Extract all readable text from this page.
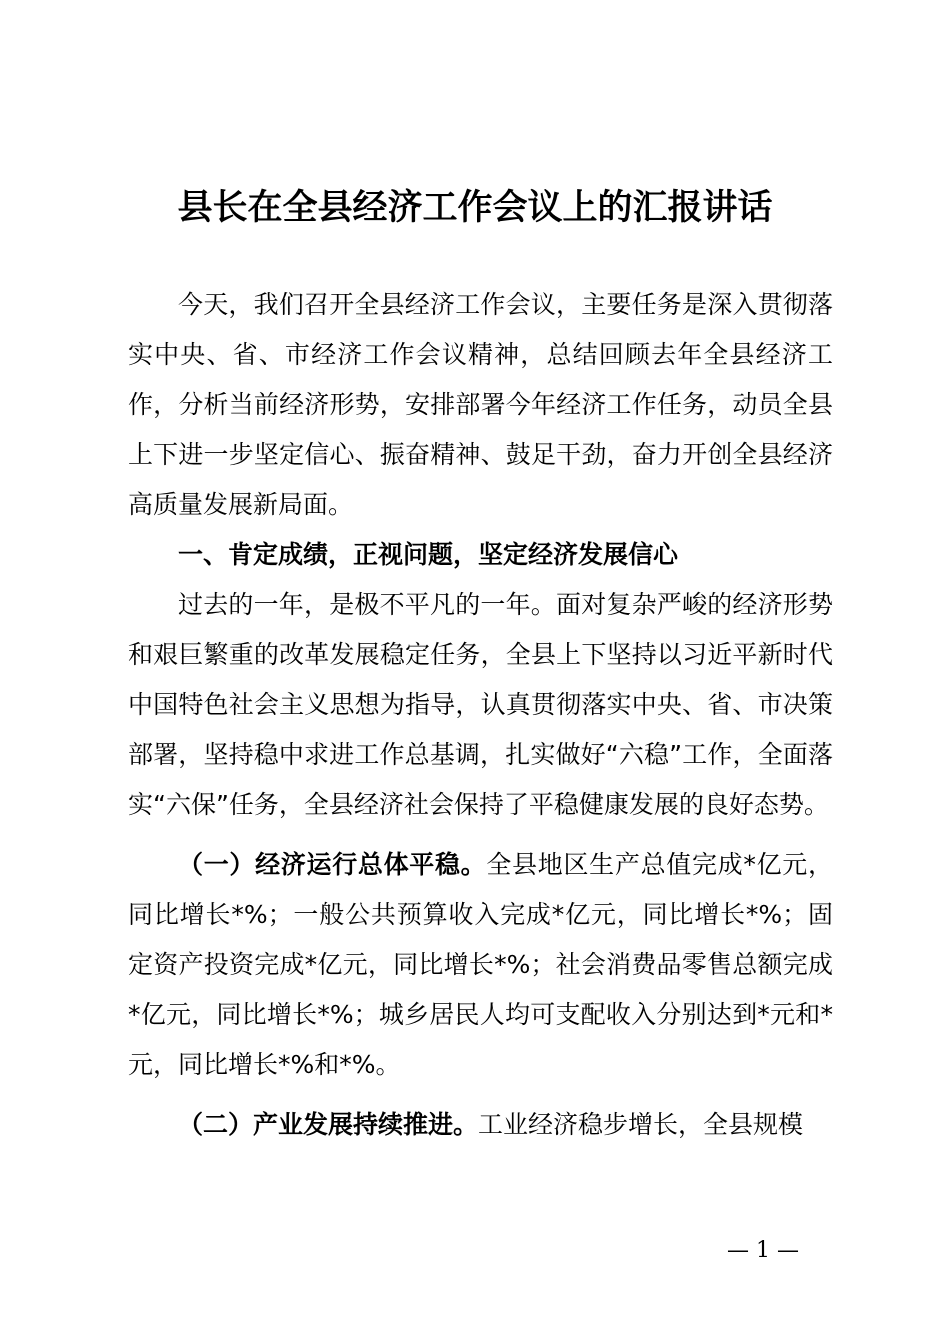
县长在全县经济工作会议上的汇报讲话

今天，我们召开全县经济工作会议，主要任务是深入贯彻落实中央、省、市经济工作会议精神，总结回顾去年全县经济工作，分析当前经济形势，安排部署今年经济工作任务，动员全县上下进一步坚定信心、振奋精神、鼓足干劲，奋力开创全县经济高质量发展新局面。

一、肯定成绩，正视问题，坚定经济发展信心

过去的一年，是极不平凡的一年。面对复杂严峻的经济形势和艰巨繁重的改革发展稳定任务，全县上下坚持以习近平新时代中国特色社会主义思想为指导，认真贯彻落实中央、省、市决策部署，坚持稳中求进工作总基调，扎实做好“六稳”工作，全面落实“六保”任务，全县经济社会保持了平稳健康发展的良好态势。

（一）经济运行总体平稳。全县地区生产总值完成*亿元，同比增长*%；一般公共预算收入完成*亿元，同比增长*%；固定资产投资完成*亿元，同比增长*%；社会消费品零售总额完成*亿元，同比增长*%；城乡居民人均可支配收入分别达到*元和*元，同比增长*%和*%。

（二）产业发展持续推进。工业经济稳步增长，全县规模

— 1 —
